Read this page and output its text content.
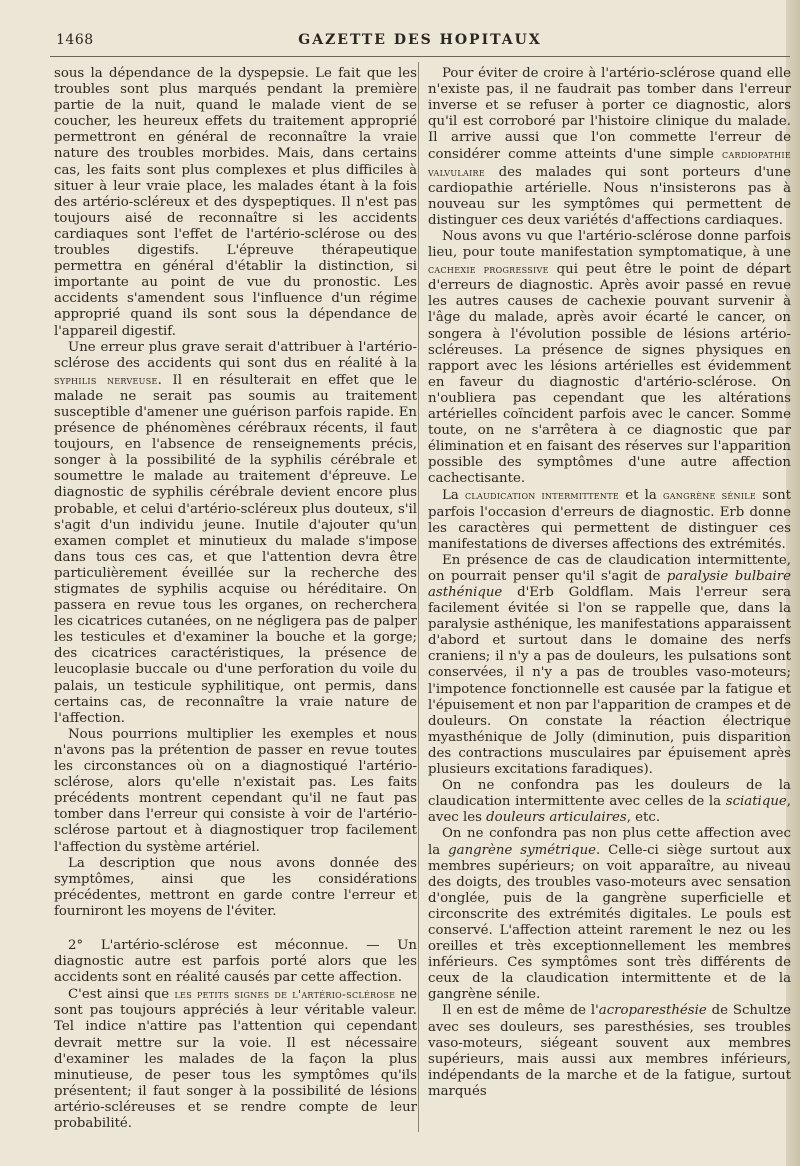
1468	GAZETTE DES HOPITAUX

sous la dépendance de la dyspepsie. Le fait que les troubles sont plus marqués pendant la première partie de la nuit, quand le malade vient de se coucher, les heureux effets du traitement approprié permettront en général de reconnaître la vraie nature des troubles morbides. Mais, dans certains cas, les faits sont plus complexes et plus difficiles à situer à leur vraie place, les malades étant à la fois des artério-scléreux et des dyspeptiques. Il n'est pas toujours aisé de reconnaître si les accidents cardiaques sont l'effet de l'artério-sclérose ou des troubles digestifs. L'épreuve thérapeutique permettra en général d'établir la distinction, si importante au point de vue du pronostic. Les accidents s'amendent sous l'influence d'un régime approprié quand ils sont sous la dépendance de l'appareil digestif.

Une erreur plus grave serait d'attribuer à l'artério-sclérose des accidents qui sont dus en réalité à la syphilis nerveuse. Il en résulterait en effet que le malade ne serait pas soumis au traitement susceptible d'amener une guérison parfois rapide. En présence de phénomènes cérébraux récents, il faut toujours, en l'absence de renseignements précis, songer à la possibilité de la syphilis cérébrale et soumettre le malade au traitement d'épreuve. Le diagnostic de syphilis cérébrale devient encore plus probable, et celui d'artério-scléreux plus douteux, s'il s'agit d'un individu jeune. Inutile d'ajouter qu'un examen complet et minutieux du malade s'impose dans tous ces cas, et que l'attention devra être particulièrement éveillée sur la recherche des stigmates de syphilis acquise ou héréditaire. On passera en revue tous les organes, on recherchera les cicatrices cutanées, on ne négligera pas de palper les testicules et d'examiner la bouche et la gorge; des cicatrices caractéristiques, la présence de leucoplasie buccale ou d'une perforation du voile du palais, un testicule syphilitique, ont permis, dans certains cas, de reconnaître la vraie nature de l'affection.

Nous pourrions multiplier les exemples et nous n'avons pas la prétention de passer en revue toutes les circonstances où on a diagnostiqué l'artério-sclérose, alors qu'elle n'existait pas. Les faits précédents montrent cependant qu'il ne faut pas tomber dans l'erreur qui consiste à voir de l'artério-sclérose partout et à diagnostiquer trop facilement l'affection du système artériel.

La description que nous avons donnée des symptômes, ainsi que les considérations précédentes, mettront en garde contre l'erreur et fourniront les moyens de l'éviter.

2° L'artério-sclérose est méconnue. — Un diagnostic autre est parfois porté alors que les accidents sont en réalité causés par cette affection.

C'est ainsi que les petits signes de l'artério-sclérose ne sont pas toujours appréciés à leur véritable valeur. Tel indice n'attire pas l'attention qui cependant devrait mettre sur la voie. Il est nécessaire d'examiner les malades de la façon la plus minutieuse, de peser tous les symptômes qu'ils présentent; il faut songer à la possibilité de lésions artério-scléreuses et se rendre compte de leur probabilité.

Pour éviter de croire à l'artério-sclérose quand elle n'existe pas, il ne faudrait pas tomber dans l'erreur inverse et se refuser à porter ce diagnostic, alors qu'il est corroboré par l'histoire clinique du malade. Il arrive aussi que l'on commette l'erreur de considérer comme atteints d'une simple cardiopathie valvulaire des malades qui sont porteurs d'une cardiopathie artérielle. Nous n'insisterons pas à nouveau sur les symptômes qui permettent de distinguer ces deux variétés d'affections cardiaques.

Nous avons vu que l'artério-sclérose donne parfois lieu, pour toute manifestation symptomatique, à une cachexie progressive qui peut être le point de départ d'erreurs de diagnostic. Après avoir passé en revue les autres causes de cachexie pouvant survenir à l'âge du malade, après avoir écarté le cancer, on songera à l'évolution possible de lésions artério-scléreuses. La présence de signes physiques en rapport avec les lésions artérielles est évidemment en faveur du diagnostic d'artério-sclérose. On n'oubliera pas cependant que les altérations artérielles coïncident parfois avec le cancer. Somme toute, on ne s'arrêtera à ce diagnostic que par élimination et en faisant des réserves sur l'apparition possible des symptômes d'une autre affection cachectisante.

La claudication intermittente et la gangrène sénile sont parfois l'occasion d'erreurs de diagnostic. Erb donne les caractères qui permettent de distinguer ces manifestations de diverses affections des extrémités.

En présence de cas de claudication intermittente, on pourrait penser qu'il s'agit de paralysie bulbaire asthénique d'Erb Goldflam. Mais l'erreur sera facilement évitée si l'on se rappelle que, dans la paralysie asthénique, les manifestations apparaissent d'abord et surtout dans le domaine des nerfs craniens; il n'y a pas de douleurs, les pulsations sont conservées, il n'y a pas de troubles vaso-moteurs; l'impotence fonctionnelle est causée par la fatigue et l'épuisement et non par l'apparition de crampes et de douleurs. On constate la réaction électrique myasthénique de Jolly (diminution, puis disparition des contractions musculaires par épuisement après plusieurs excitations faradiques).

On ne confondra pas les douleurs de la claudication intermittente avec celles de la sciatique, avec les douleurs articulaires, etc.

On ne confondra pas non plus cette affection avec la gangrène symétrique. Celle-ci siège surtout aux membres supérieurs; on voit apparaître, au niveau des doigts, des troubles vaso-moteurs avec sensation d'onglée, puis de la gangrène superficielle et circonscrite des extrémités digitales. Le pouls est conservé. L'affection atteint rarement le nez ou les oreilles et très exceptionnellement les membres inférieurs. Ces symptômes sont très différents de ceux de la claudication intermittente et de la gangrène sénile.

Il en est de même de l'acroparesthésie de Schultze avec ses douleurs, ses paresthésies, ses troubles vaso-moteurs, siégeant souvent aux membres supérieurs, mais aussi aux membres inférieurs, indépendants de la marche et de la fatigue, surtout marqués
